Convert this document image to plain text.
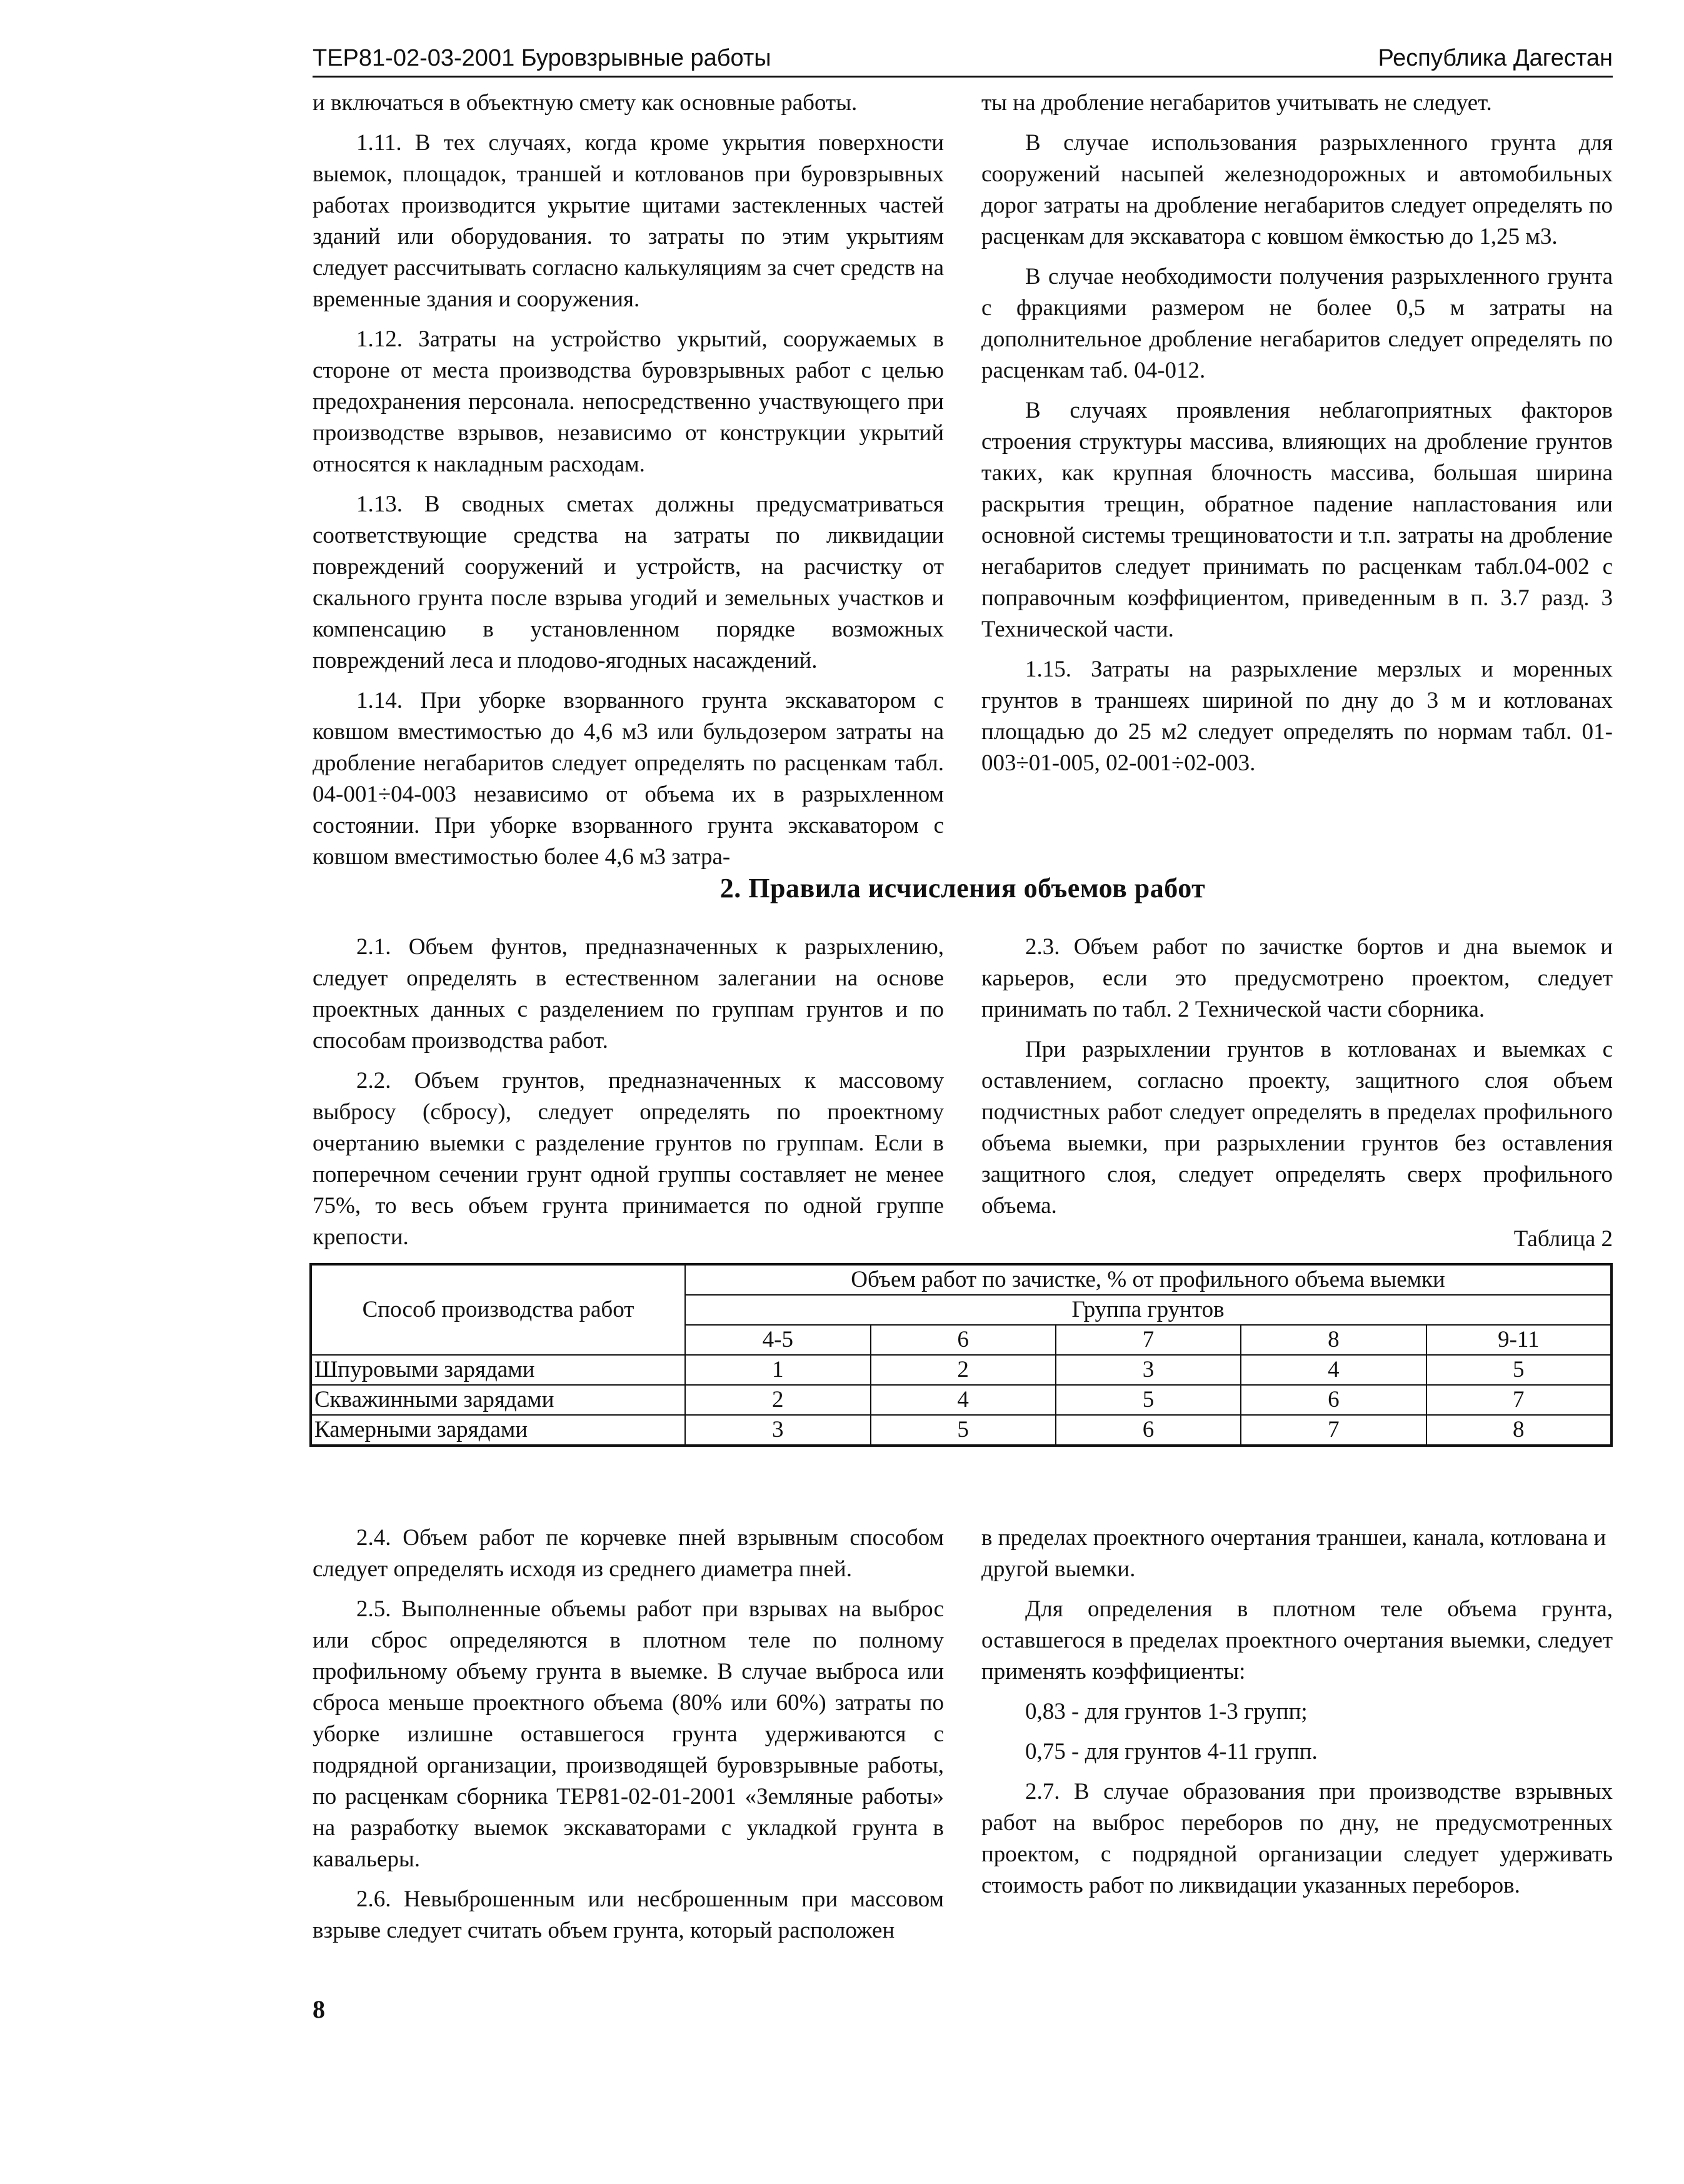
ТЕР81-02-03-2001 Буровзрывные работы	Республика Дагестан

и включаться в объектную смету как основные работы.

1.11. В тех случаях, когда кроме укрытия поверхности выемок, площадок, траншей и котлованов при буровзрывных работах производится укрытие щитами застекленных частей зданий или оборудования. то затраты по этим укрытиям следует рассчитывать согласно калькуляциям за счет средств на временные здания и сооружения.

1.12. Затраты на устройство укрытий, сооружаемых в стороне от места производства буровзрывных работ с целью предохранения персонала. непосредственно участвующего при производстве взрывов, независимо от конструкции укрытий относятся к накладным расходам.

1.13. В сводных сметах должны предусматриваться соответствующие средства на затраты по ликвидации повреждений сооружений и устройств, на расчистку от скального грунта после взрыва угодий и земельных участков и компенсацию в установленном порядке возможных повреждений леса и плодово-ягодных насаждений.

1.14. При уборке взорванного грунта экскаватором с ковшом вместимостью до 4,6 м3 или бульдозером затраты на дробление негабаритов следует определять по расценкам табл. 04-001÷04-003 независимо от объема их в разрыхленном состоянии. При уборке взорванного грунта экскаватором с ковшом вместимостью более 4,6 м3 затра-

ты на дробление негабаритов учитывать не следует.

В случае использования разрыхленного грунта для сооружений насыпей железнодорожных и автомобильных дорог затраты на дробление негабаритов следует определять по расценкам для экскаватора с ковшом ёмкостью до 1,25 м3.

В случае необходимости получения разрыхленного грунта с фракциями размером не более 0,5 м затраты на дополнительное дробление негабаритов следует определять по расценкам таб. 04-012.

В случаях проявления неблагоприятных факторов строения структуры массива, влияющих на дробление грунтов таких, как крупная блочность массива, большая ширина раскрытия трещин, обратное падение напластования или основной системы трещиноватости и т.п. затраты на дробление негабаритов следует принимать по расценкам табл.04-002 с поправочным коэффициентом, приведенным в п. 3.7 разд. 3 Технической части.

1.15. Затраты на разрыхление мерзлых и моренных грунтов в траншеях шириной по дну до 3 м и котлованах площадью до 25 м2 следует определять по нормам табл. 01-003÷01-005, 02-001÷02-003.

2. Правила исчисления объемов работ

2.1. Объем фунтов, предназначенных к разрыхлению, следует определять в естественном залегании на основе проектных данных с разделением по группам грунтов и по способам производства работ.

2.2. Объем грунтов, предназначенных к массовому выбросу (сбросу), следует определять по проектному очертанию выемки с разделение грунтов по группам. Если в поперечном сечении грунт одной группы составляет не менее 75%, то весь объем грунта принимается по одной группе крепости.

2.3. Объем работ по зачистке бортов и дна выемок и карьеров, если это предусмотрено проектом, следует принимать по табл. 2 Технической части сборника.

При разрыхлении грунтов в котлованах и выемках с оставлением, согласно проекту, защитного слоя объем подчистных работ следует определять в пределах профильного объема выемки, при разрыхлении грунтов без оставления защитного слоя, следует определять сверх профильного объема.

Таблица 2
Способ производства работ	Объем работ по зачистке, % от профильного объема выемки				
	Группа грунтов				
	4-5	6	7	8	9-11
Шпуровыми зарядами	1	2	3	4	5
Скважинными зарядами	2	4	5	6	7
Камерными зарядами	3	5	6	7	8

2.4. Объем работ пе корчевке пней взрывным способом следует определять исходя из среднего диаметра пней.

2.5. Выполненные объемы работ при взрывах на выброс или сброс определяются в плотном теле по полному профильному объему грунта в выемке. В случае выброса или сброса меньше проектного объема (80% или 60%) затраты по уборке излишне оставшегося грунта удерживаются с подрядной организации, производящей буровзрывные работы, по расценкам сборника ТЕР81-02-01-2001 «Земляные работы» на разработку выемок экскаваторами с укладкой грунта в кавальеры.

2.6. Невыброшенным или несброшенным при массовом взрыве следует считать объем грунта, который расположен

в пределах проектного очертания траншеи, канала, котлована и другой выемки.

Для определения в плотном теле объема грунта, оставшегося в пределах проектного очертания выемки, следует применять коэффициенты:

0,83 - для грунтов 1-3 групп;

0,75 - для грунтов 4-11 групп.

2.7. В случае образования при производстве взрывных работ на выброс переборов по дну, не предусмотренных проектом, с подрядной организации следует удерживать стоимость работ по ликвидации указанных переборов.

8
